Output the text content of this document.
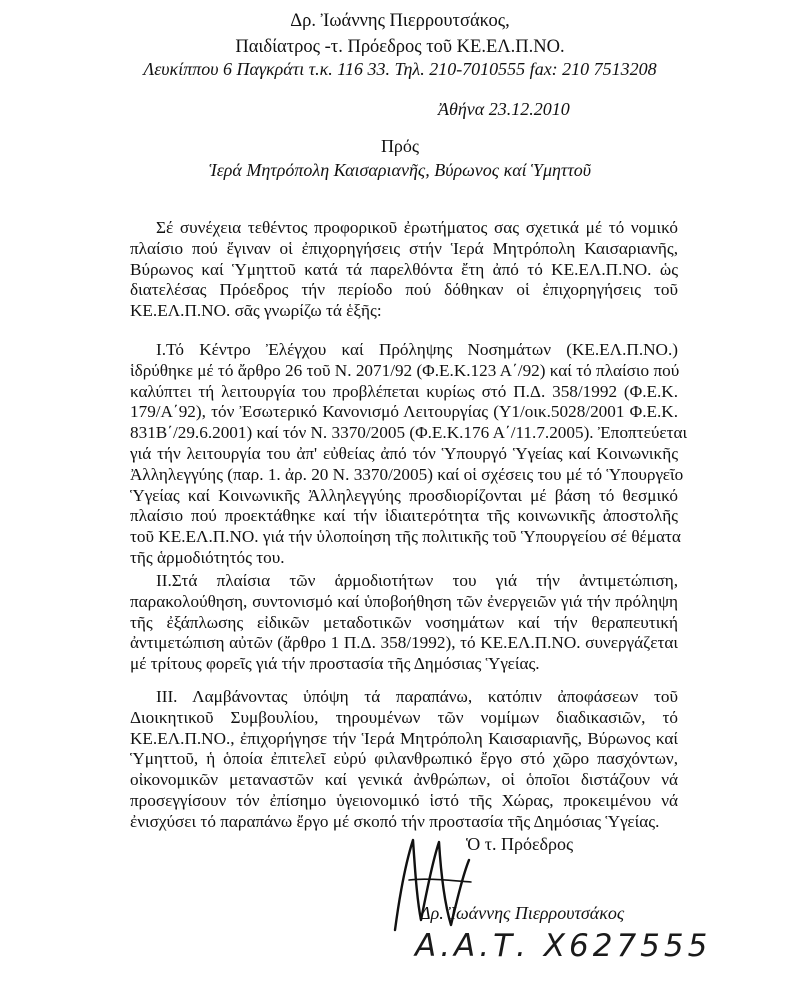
Δρ. Ἰωάννης Πιερρουτσάκος,
Παιδίατρος -τ. Πρόεδρος τοῦ ΚΕ.ΕΛ.Π.ΝΟ.
Λευκίππου 6 Παγκράτι τ.κ. 116 33. Τηλ. 210-7010555 fax: 210 7513208
Ἀθήνα 23.12.2010
Πρός
Ἱερά Μητρόπολη Καισαριανῆς, Βύρωνος καί Ὑμηττοῦ
Σέ συνέχεια τεθέντος προφορικοῦ ἐρωτήματος σας σχετικά μέ τό νομικό
πλαίσιο πού ἔγιναν οἱ ἐπιχορηγήσεις στήν Ἱερά Μητρόπολη Καισαριανῆς,
Βύρωνος καί Ὑμηττοῦ κατά τά παρελθόντα ἔτη ἀπό τό ΚΕ.ΕΛ.Π.ΝΟ. ὡς
διατελέσας Πρόεδρος τήν περίοδο πού δόθηκαν οἱ ἐπιχορηγήσεις τοῦ
ΚΕ.ΕΛ.Π.ΝΟ. σᾶς γνωρίζω τά ἑξῆς:
Ι.Τό Κέντρο Ἐλέγχου καί Πρόληψης Νοσημάτων (ΚΕ.ΕΛ.Π.ΝΟ.)
ἱδρύθηκε μέ τό ἄρθρο 26 τοῦ Ν. 2071/92 (Φ.Ε.Κ.123 Α΄/92) καί τό πλαίσιο πού
καλύπτει τή λειτουργία του προβλέπεται κυρίως στό Π.Δ. 358/1992 (Φ.Ε.Κ.
179/Α΄92), τόν Ἐσωτερικό Κανονισμό Λειτουργίας (Υ1/οικ.5028/2001 Φ.Ε.Κ.
831Β΄/29.6.2001) καί τόν Ν. 3370/2005 (Φ.Ε.Κ.176 Α΄/11.7.2005). Ἐποπτεύεται
γιά τήν λειτουργία του ἀπ' εὐθείας ἀπό τόν Ὑπουργό Ὑγείας καί Κοινωνικῆς
Ἀλληλεγγύης (παρ. 1. ἀρ. 20 Ν. 3370/2005) καί οἱ σχέσεις του μέ τό Ὑπουργεῖο
Ὑγείας καί Κοινωνικῆς Ἀλληλεγγύης προσδιορίζονται μέ βάση τό θεσμικό
πλαίσιο πού προεκτάθηκε καί τήν ἰδιαιτερότητα τῆς κοινωνικῆς ἀποστολῆς
τοῦ ΚΕ.ΕΛ.Π.ΝΟ. γιά τήν ὑλοποίηση τῆς πολιτικῆς τοῦ Ὑπουργείου σέ θέματα
τῆς ἁρμοδιότητός του.
ΙΙ.Στά πλαίσια τῶν ἁρμοδιοτήτων του γιά τήν ἀντιμετώπιση,
παρακολούθηση, συντονισμό καί ὑποβοήθηση τῶν ἐνεργειῶν γιά τήν πρόληψη
τῆς ἐξάπλωσης εἰδικῶν μεταδοτικῶν νοσημάτων καί τήν θεραπευτική
ἀντιμετώπιση αὐτῶν (ἄρθρο 1 Π.Δ. 358/1992), τό ΚΕ.ΕΛ.Π.ΝΟ. συνεργάζεται
μέ τρίτους φορεῖς γιά τήν προστασία τῆς Δημόσιας Ὑγείας.
ΙΙΙ. Λαμβάνοντας ὑπόψη τά παραπάνω, κατόπιν ἀποφάσεων τοῦ
Διοικητικοῦ Συμβουλίου, τηρουμένων τῶν νομίμων διαδικασιῶν, τό
ΚΕ.ΕΛ.Π.ΝΟ., ἐπιχορήγησε τήν Ἱερά Μητρόπολη Καισαριανῆς, Βύρωνος καί
Ὑμηττοῦ, ἡ ὁποία ἐπιτελεῖ εὐρύ φιλανθρωπικό ἔργο στό χῶρο πασχόντων,
οἰκονομικῶν μεταναστῶν καί γενικά ἀνθρώπων, οἱ ὁποῖοι διστάζουν νά
προσεγγίσουν τόν ἐπίσημο ὑγειονομικό ἱστό τῆς Χώρας, προκειμένου νά
ἐνισχύσει τό παραπάνω ἔργο μέ σκοπό τήν προστασία τῆς Δημόσιας Ὑγείας.
Ὁ τ. Πρόεδρος
Δρ. Ἰωάννης Πιερρουτσάκος
Α.Α.Τ. Χ627555
